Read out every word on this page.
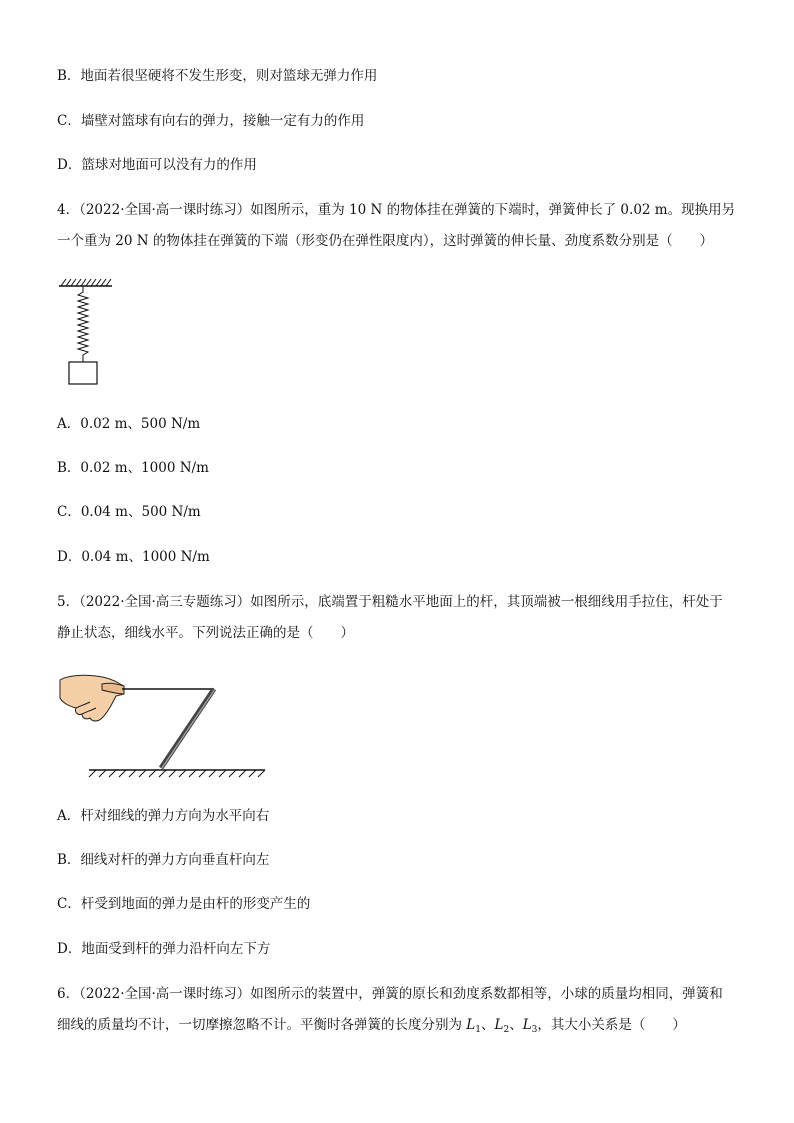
B．地面若很坚硬将不发生形变，则对篮球无弹力作用
C．墙壁对篮球有向右的弹力，接触一定有力的作用
D．篮球对地面可以没有力的作用
4．（2022·全国·高一课时练习）如图所示，重为 10 N 的物体挂在弹簧的下端时，弹簧伸长了 0.02 m。现换用另
一个重为 20 N 的物体挂在弹簧的下端（形变仍在弹性限度内），这时弹簧的伸长量、劲度系数分别是（　　）
A．0.02 m、500 N/m
B．0.02 m、1000 N/m
C．0.04 m、500 N/m
D．0.04 m、1000 N/m
5．（2022·全国·高三专题练习）如图所示，底端置于粗糙水平地面上的杆，其顶端被一根细线用手拉住，杆处于
静止状态，细线水平。下列说法正确的是（　　）
A．杆对细线的弹力方向为水平向右
B．细线对杆的弹力方向垂直杆向左
C．杆受到地面的弹力是由杆的形变产生的
D．地面受到杆的弹力沿杆向左下方
6．（2022·全国·高一课时练习）如图所示的装置中，弹簧的原长和劲度系数都相等，小球的质量均相同，弹簧和
细线的质量均不计，一切摩擦忽略不计。平衡时各弹簧的长度分别为 $L_1$、$L_2$、$L_3$，其大小关系是（　　）
